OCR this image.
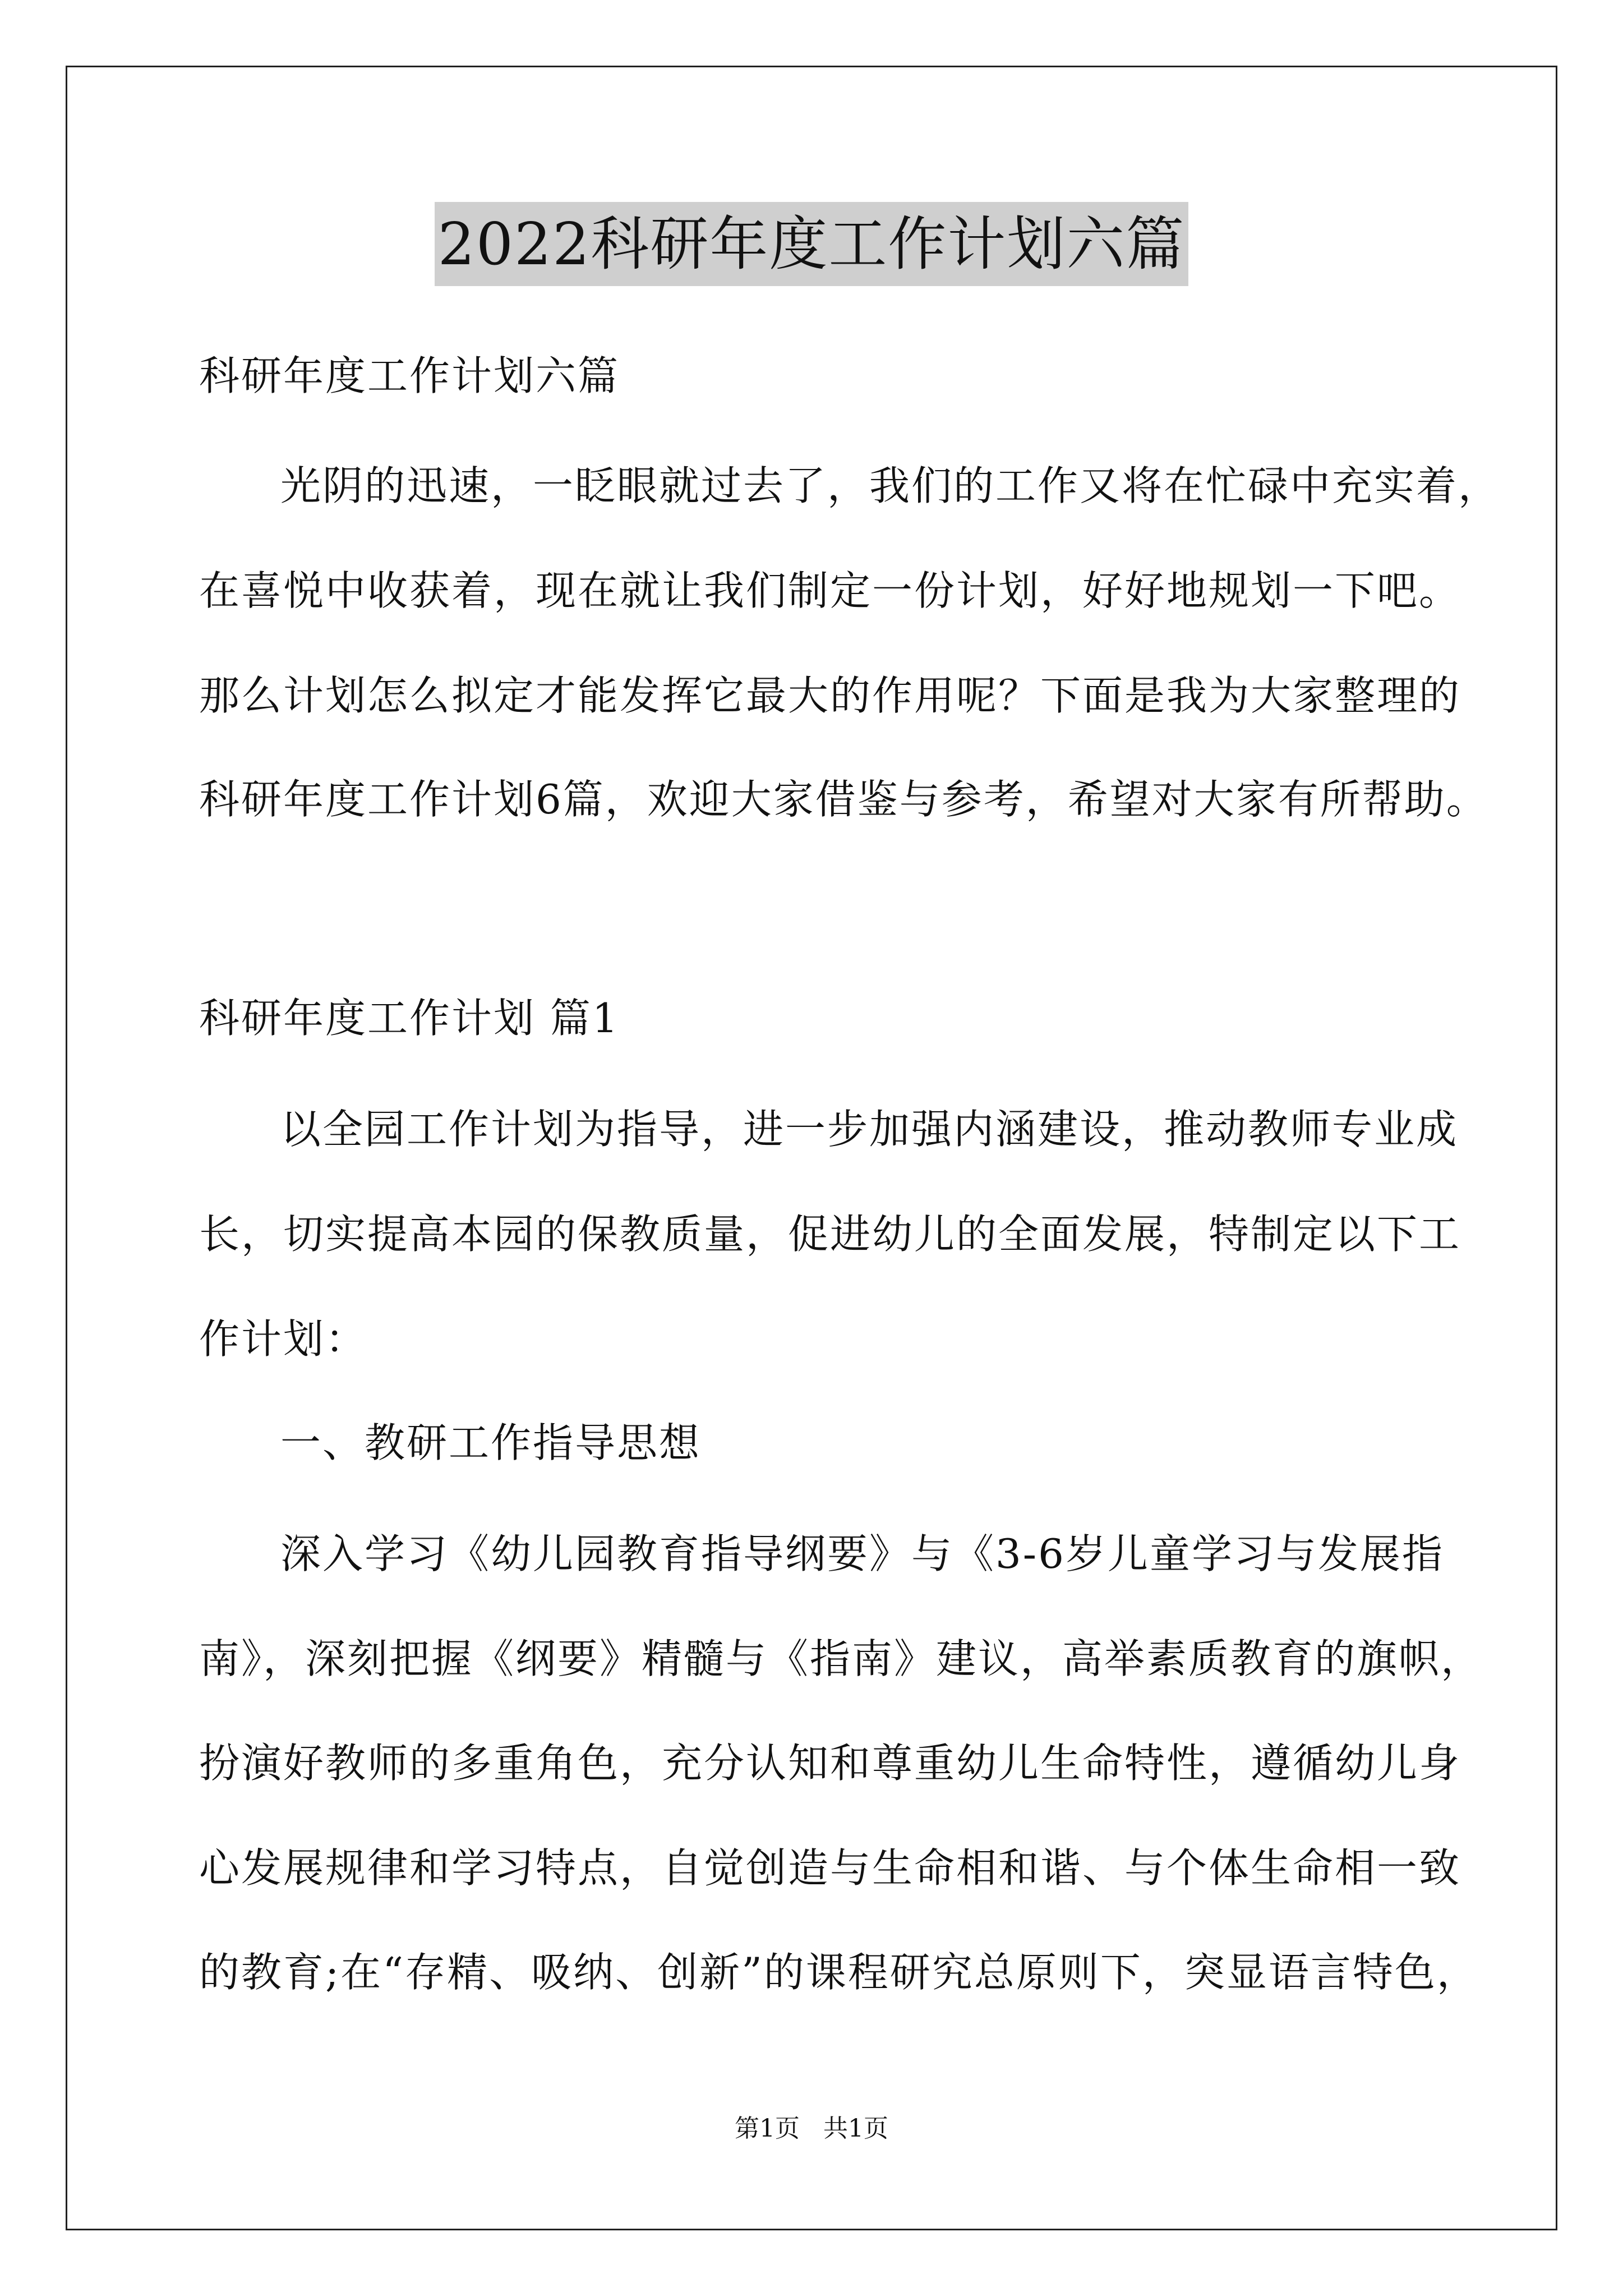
2022科研年度工作计划六篇
科研年度工作计划六篇
光阴的迅速，一眨眼就过去了，我们的工作又将在忙碌中充实着，
在喜悦中收获着，现在就让我们制定一份计划，好好地规划一下吧。
那么计划怎么拟定才能发挥它最大的作用呢？下面是我为大家整理的
科研年度工作计划6篇，欢迎大家借鉴与参考，希望对大家有所帮助。
科研年度工作计划 篇1
以全园工作计划为指导，进一步加强内涵建设，推动教师专业成
长，切实提高本园的保教质量，促进幼儿的全面发展，特制定以下工
作计划：
一、教研工作指导思想
深入学习《幼儿园教育指导纲要》与《3-6岁儿童学习与发展指
南》，深刻把握《纲要》精髓与《指南》建议，高举素质教育的旗帜，
扮演好教师的多重角色，充分认知和尊重幼儿生命特性，遵循幼儿身
心发展规律和学习特点，自觉创造与生命相和谐、与个体生命相一致
的教育;在“存精、吸纳、创新”的课程研究总原则下，突显语言特色，
第1页 共1页
